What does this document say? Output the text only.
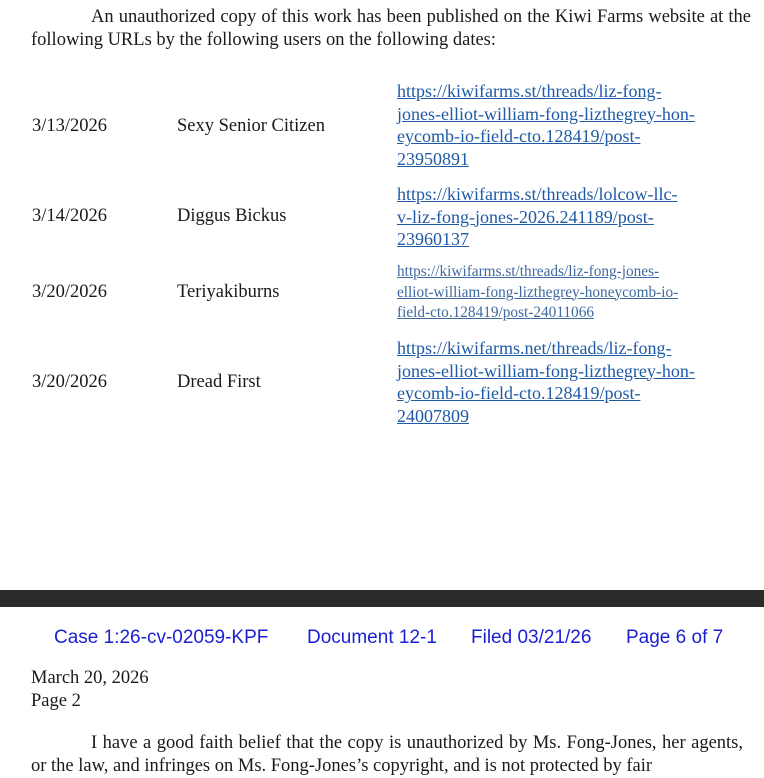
An unauthorized copy of this work has been published on the Kiwi Farms website at the following URLs by the following users on the following dates:

3/13/2026	Sexy Senior Citizen
https://kiwifarms.st/threads/liz-fong-
jones-elliot-william-fong-lizthegrey-hon-
eycomb-io-field-cto.128419/post-
23950891
3/14/2026	Diggus Bickus
https://kiwifarms.st/threads/lolcow-llc-
v-liz-fong-jones-2026.241189/post-
23960137
3/20/2026	Teriyakiburns
https://kiwifarms.st/threads/liz-fong-jones-
elliot-william-fong-lizthegrey-honeycomb-io-
field-cto.128419/post-24011066
3/20/2026	Dread First
https://kiwifarms.net/threads/liz-fong-
jones-elliot-william-fong-lizthegrey-hon-
eycomb-io-field-cto.128419/post-
24007809
Case 1:26-cv-02059-KPF Document 12-1 Filed 03/21/26 Page 6 of 7

March 20, 2026

Page 2

I have a good faith belief that the copy is unauthorized by Ms. Fong-Jones, her agents, or the law, and infringes on Ms. Fong-Jones’s copyright, and is not protected by fair
